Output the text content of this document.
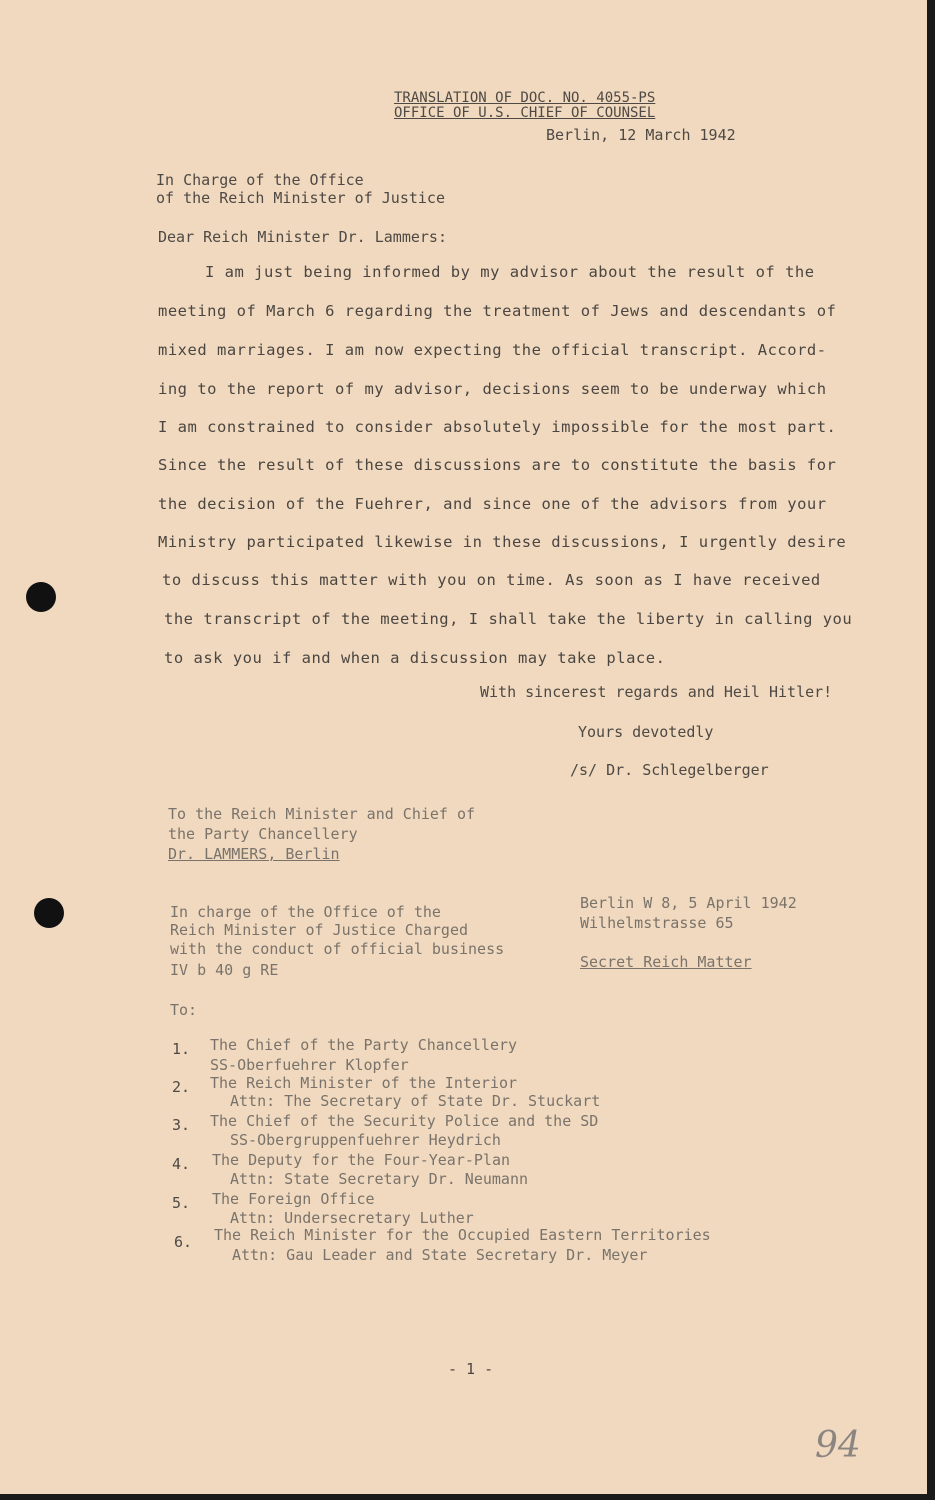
TRANSLATION OF DOC. NO. 4055-PS
OFFICE OF U.S. CHIEF OF COUNSEL
Berlin, 12 March 1942
In Charge of the Office
of the Reich Minister of Justice
Dear Reich Minister Dr. Lammers:
I am just being informed by my advisor about the result of the
meeting of March 6 regarding the treatment of Jews and descendants of
mixed marriages. I am now expecting the official transcript. Accord-
ing to the report of my advisor, decisions seem to be underway which
I am constrained to consider absolutely impossible for the most part.
Since the result of these discussions are to constitute the basis for
the decision of the Fuehrer, and since one of the advisors from your
Ministry participated likewise in these discussions, I urgently desire
to discuss this matter with you on time. As soon as I have received
the transcript of the meeting, I shall take the liberty in calling you
to ask you if and when a discussion may take place.
With sincerest regards and Heil Hitler!
Yours devotedly
/s/ Dr. Schlegelberger
To the Reich Minister and Chief of
the Party Chancellery
Dr. LAMMERS, Berlin
In charge of the Office of the
Reich Minister of Justice Charged
with the conduct of official business
IV b 40 g RE
Berlin W 8, 5 April 1942
Wilhelmstrasse 65
Secret Reich Matter
To:
1. The Chief of the Party Chancellery
SS-Oberfuehrer Klopfer
2. The Reich Minister of the Interior
Attn: The Secretary of State Dr. Stuckart
3. The Chief of the Security Police and the SD
SS-Obergruppenfuehrer Heydrich
4. The Deputy for the Four-Year-Plan
Attn: State Secretary Dr. Neumann
5. The Foreign Office
Attn: Undersecretary Luther
6. The Reich Minister for the Occupied Eastern Territories
Attn: Gau Leader and State Secretary Dr. Meyer
- 1 -
94
